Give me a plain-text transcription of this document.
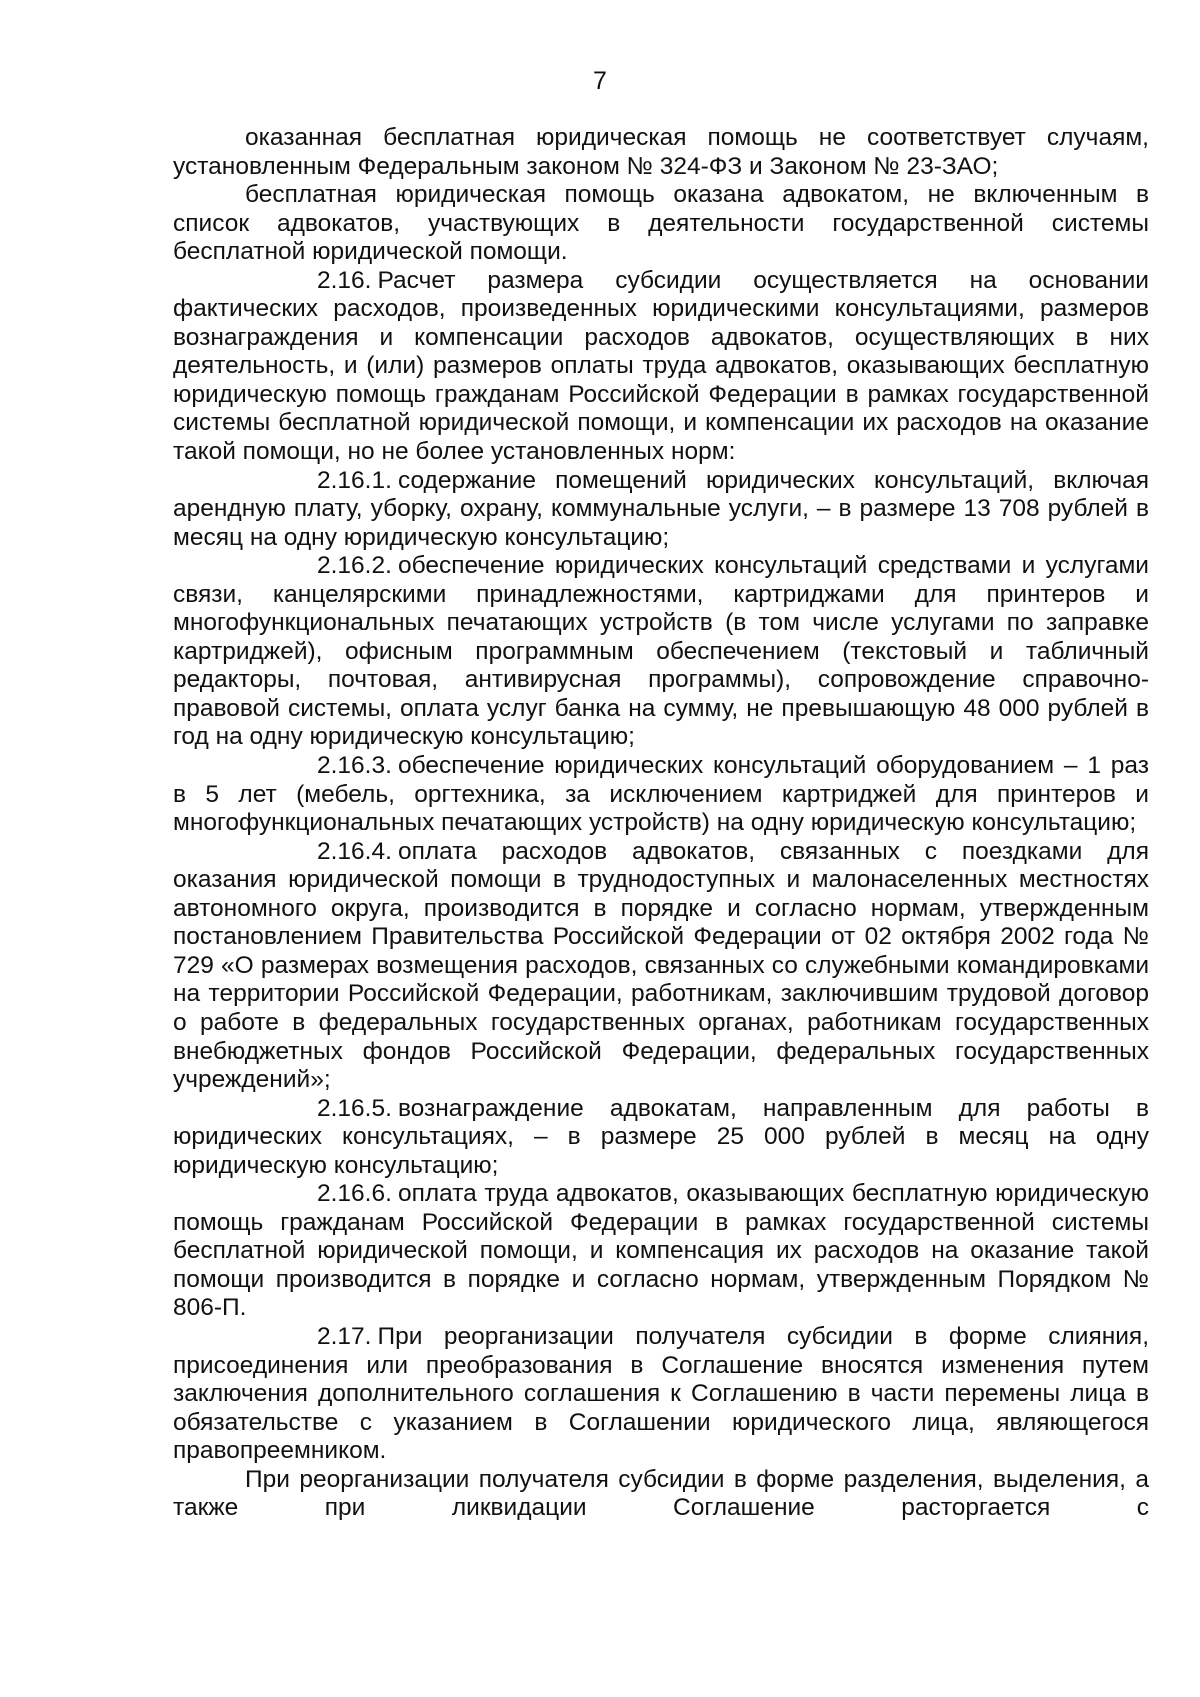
7

оказанная бесплатная юридическая помощь не соответствует случаям, установленным Федеральным законом № 324-ФЗ и Законом № 23-ЗАО;

бесплатная юридическая помощь оказана адвокатом, не включенным в список адвокатов, участвующих в деятельности государственной системы бесплатной юридической помощи.

2.16. Расчет размера субсидии осуществляется на основании фактических расходов, произведенных юридическими консультациями, размеров вознаграждения и компенсации расходов адвокатов, осуществляющих в них деятельность, и (или) размеров оплаты труда адвокатов, оказывающих бесплатную юридическую помощь гражданам Российской Федерации в рамках государственной системы бесплатной юридической помощи, и компенсации их расходов на оказание такой помощи, но не более установленных норм:

2.16.1. содержание помещений юридических консультаций, включая арендную плату, уборку, охрану, коммунальные услуги, – в размере 13 708 рублей в месяц на одну юридическую консультацию;

2.16.2. обеспечение юридических консультаций средствами и услугами связи, канцелярскими принадлежностями, картриджами для принтеров и многофункциональных печатающих устройств (в том числе услугами по заправке картриджей), офисным программным обеспечением (текстовый и табличный редакторы, почтовая, антивирусная программы), сопровождение справочно-правовой системы, оплата услуг банка на сумму, не превышающую 48 000 рублей в год на одну юридическую консультацию;

2.16.3. обеспечение юридических консультаций оборудованием – 1 раз в 5 лет (мебель, оргтехника, за исключением картриджей для принтеров и многофункциональных печатающих устройств) на одну юридическую консультацию;

2.16.4. оплата расходов адвокатов, связанных с поездками для оказания юридической помощи в труднодоступных и малонаселенных местностях автономного округа, производится в порядке и согласно нормам, утвержденным постановлением Правительства Российской Федерации от 02 октября 2002 года № 729 «О размерах возмещения расходов, связанных со служебными командировками на территории Российской Федерации, работникам, заключившим трудовой договор о работе в федеральных государственных органах, работникам государственных внебюджетных фондов Российской Федерации, федеральных государственных учреждений»;

2.16.5. вознаграждение адвокатам, направленным для работы в юридических консультациях, – в размере 25 000 рублей в месяц на одну юридическую консультацию;

2.16.6. оплата труда адвокатов, оказывающих бесплатную юридическую помощь гражданам Российской Федерации в рамках государственной системы бесплатной юридической помощи, и компенсация их расходов на оказание такой помощи производится в порядке и согласно нормам, утвержденным Порядком № 806-П.

2.17. При реорганизации получателя субсидии в форме слияния, присоединения или преобразования в Соглашение вносятся изменения путем заключения дополнительного соглашения к Соглашению в части перемены лица в обязательстве с указанием в Соглашении юридического лица, являющегося правопреемником.

При реорганизации получателя субсидии в форме разделения, выделения, а также при ликвидации Соглашение расторгается с
